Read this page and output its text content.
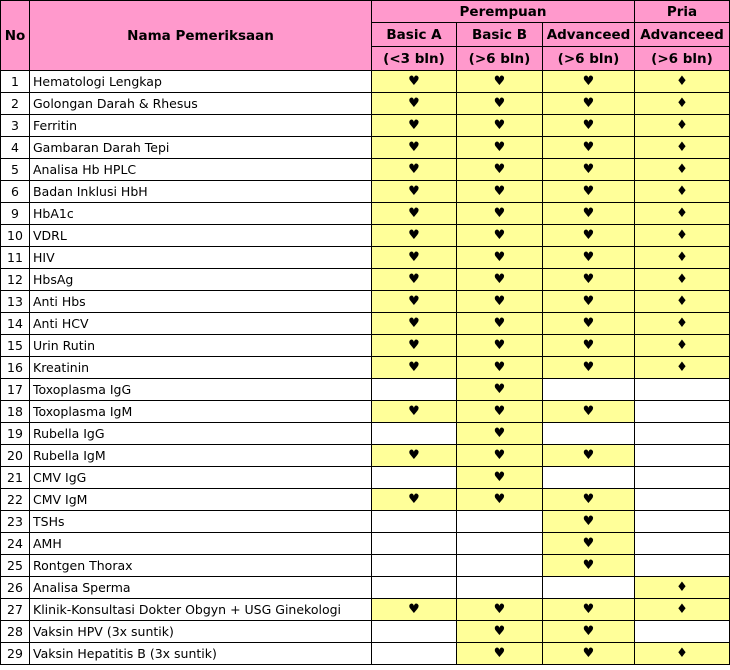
No	Nama Pemeriksaan	Perempuan			Pria
		Basic A	Basic B	Advanceed	Advanceed
		(<3 bln)	(>6 bln)	(>6 bln)	(>6 bln)
1	Hematologi Lengkap	♥	♥	♥	♦
2	Golongan Darah & Rhesus	♥	♥	♥	♦
3	Ferritin	♥	♥	♥	♦
4	Gambaran Darah Tepi	♥	♥	♥	♦
5	Analisa Hb HPLC	♥	♥	♥	♦
6	Badan Inklusi HbH	♥	♥	♥	♦
9	HbA1c	♥	♥	♥	♦
10	VDRL	♥	♥	♥	♦
11	HIV	♥	♥	♥	♦
12	HbsAg	♥	♥	♥	♦
13	Anti Hbs	♥	♥	♥	♦
14	Anti HCV	♥	♥	♥	♦
15	Urin Rutin	♥	♥	♥	♦
16	Kreatinin	♥	♥	♥	♦
17	Toxoplasma IgG		♥		
18	Toxoplasma IgM	♥	♥	♥	
19	Rubella IgG		♥		
20	Rubella IgM	♥	♥	♥	
21	CMV IgG		♥		
22	CMV IgM	♥	♥	♥	
23	TSHs			♥	
24	AMH			♥	
25	Rontgen Thorax			♥	
26	Analisa Sperma				♦
27	Klinik-Konsultasi Dokter Obgyn + USG Ginekologi	♥	♥	♥	♦
28	Vaksin HPV (3x suntik)		♥	♥	
29	Vaksin Hepatitis B (3x suntik)		♥	♥	♦
